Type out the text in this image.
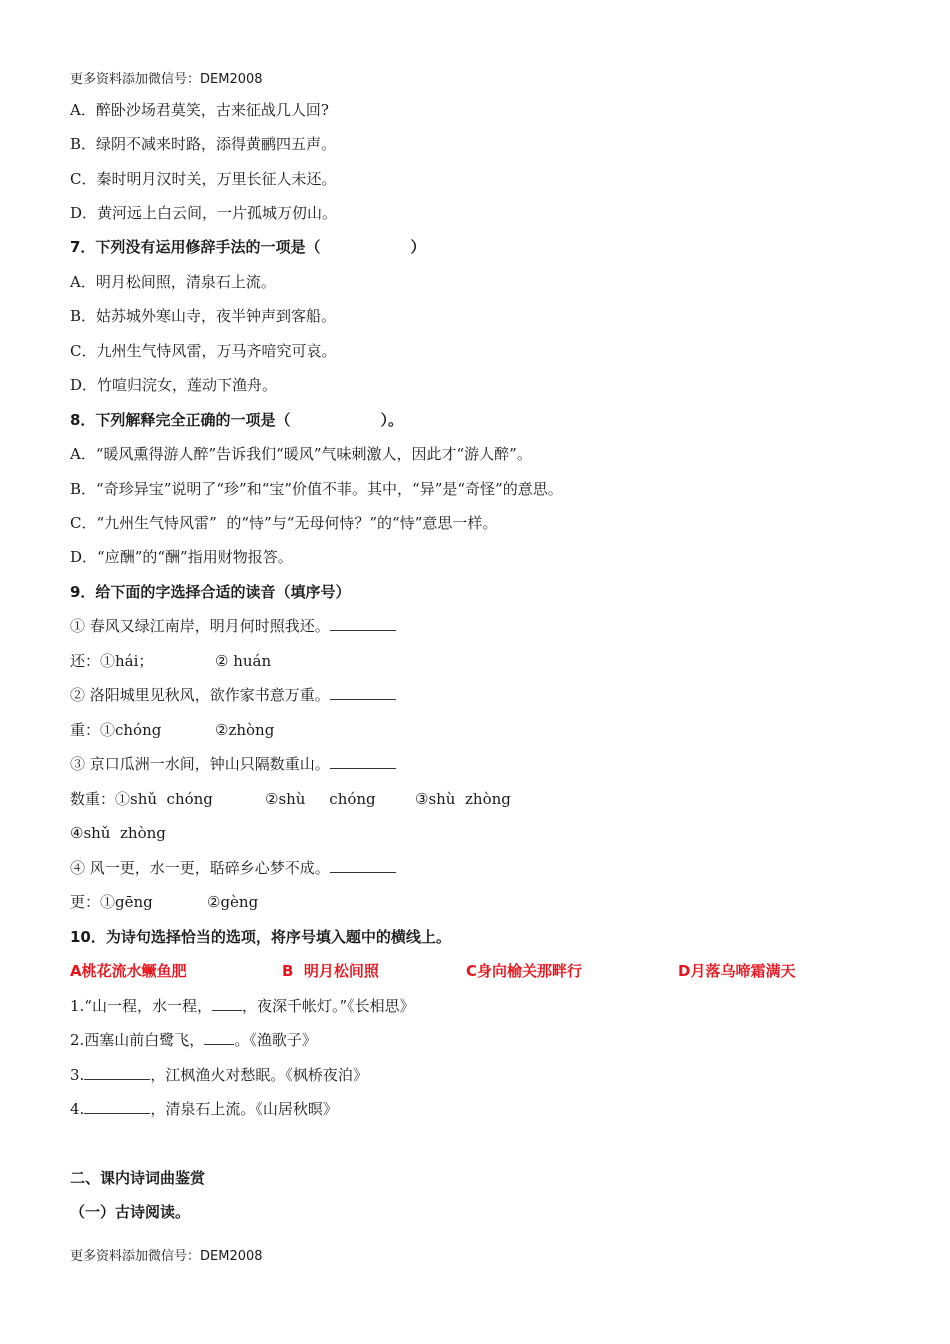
更多资料添加微信号：DEM2008
A．醉卧沙场君莫笑，古来征战几人回?
B．绿阴不减来时路，添得黄鹂四五声。
C．秦时明月汉时关，万里长征人未还。
D．黄河远上白云间，一片孤城万仞山。
7．下列没有运用修辞手法的一项是（	）
A．明月松间照，清泉石上流。
B．姑苏城外寒山寺，夜半钟声到客船。
C．九州生气恃风雷，万马齐喑究可哀。
D．竹喧归浣女，莲动下渔舟。
8．下列解释完全正确的一项是（	）。
A．“暖风熏得游人醉”告诉我们“暖风”气味刺激人，因此才“游人醉”。
B．“奇珍异宝”说明了“珍”和“宝”价值不菲。其中，“异”是“奇怪”的意思。
C．“九州生气恃风雷”  的“恃”与“无母何恃？”的“恃”意思一样。
D．“应酬”的“酬”指用财物报答。
9．给下面的字选择合适的读音（填序号）
① 春风又绿江南岸，明月何时照我还。
还：①hái；	② huán
② 洛阳城里见秋风，欲作家书意万重。
重：①chóng	②zhòng
③ 京口瓜洲一水间，钟山只隔数重山。
数重：①shǔ  chóng	②shù     chóng	③shù  zhòng
④shǔ  zhòng
④ 风一更，水一更，聒碎乡心梦不成。
更：①gēng	②gèng
10．为诗句选择恰当的选项，将序号填入题中的横线上。
A桃花流水鳜鱼肥	B  明月松间照	C身向榆关那畔行	D月落乌啼霜满天
1.“山一程，水一程， ，夜深千帐灯。”《长相思》
2.西塞山前白鹭飞， 。《渔歌子》
3.	，江枫渔火对愁眠。《枫桥夜泊》
4.	，清泉石上流。《山居秋暝》
二、课内诗词曲鉴赏
（一）古诗阅读。
更多资料添加微信号：DEM2008
